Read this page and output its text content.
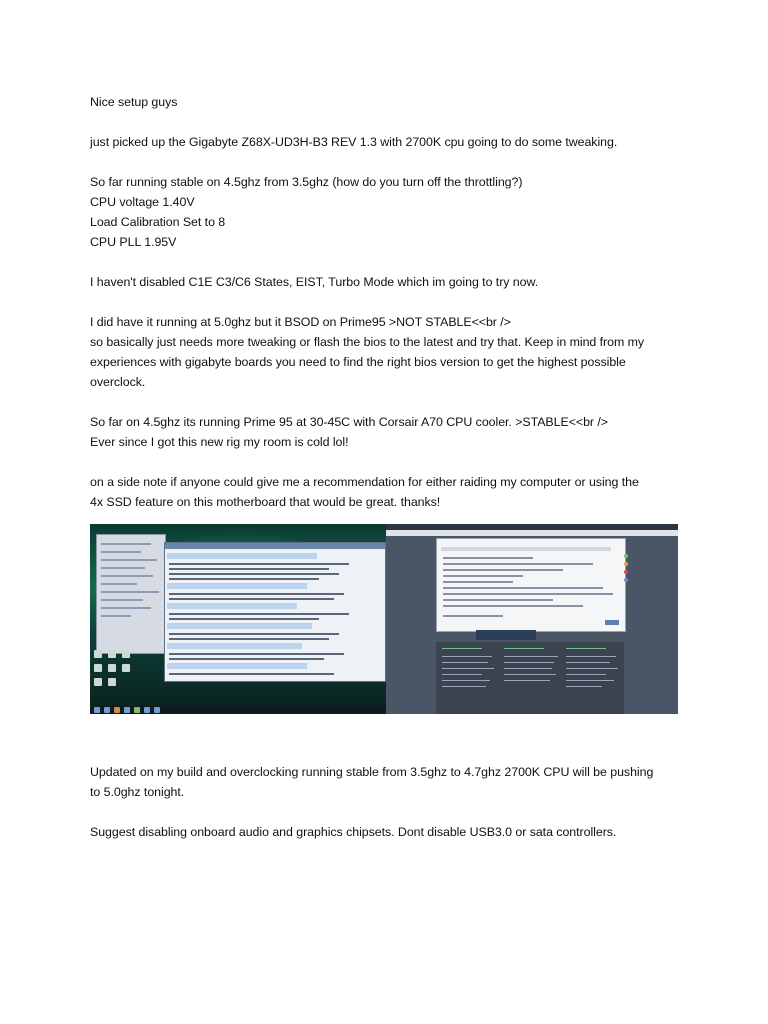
Nice setup guys
just picked up the Gigabyte Z68X-UD3H-B3 REV 1.3 with 2700K cpu going to do some tweaking.
So far running stable on 4.5ghz from 3.5ghz (how do you turn off the throttling?)
CPU voltage 1.40V
Load Calibration Set to 8
CPU PLL 1.95V
I haven't disabled C1E C3/C6 States, EIST, Turbo Mode which im going to try now.
I did have it running at 5.0ghz but it BSOD on Prime95 >NOT STABLE<<br />
so basically just needs more tweaking or flash the bios to the latest and try that. Keep in mind from my
experiences with gigabyte boards you need to find the right bios version to get the highest possible
overclock.
So far on 4.5ghz its running Prime 95 at 30-45C with Corsair A70 CPU cooler. >STABLE<<br />
Ever since I got this new rig my room is cold lol!
on a side note if anyone could give me a recommendation for either raiding my computer or using the
4x SSD feature on this motherboard that would be great. thanks!
Updated on my build and overclocking running stable from 3.5ghz to 4.7ghz 2700K CPU will be pushing
to 5.0ghz tonight.
Suggest disabling onboard audio and graphics chipsets. Dont disable USB3.0 or sata controllers.
